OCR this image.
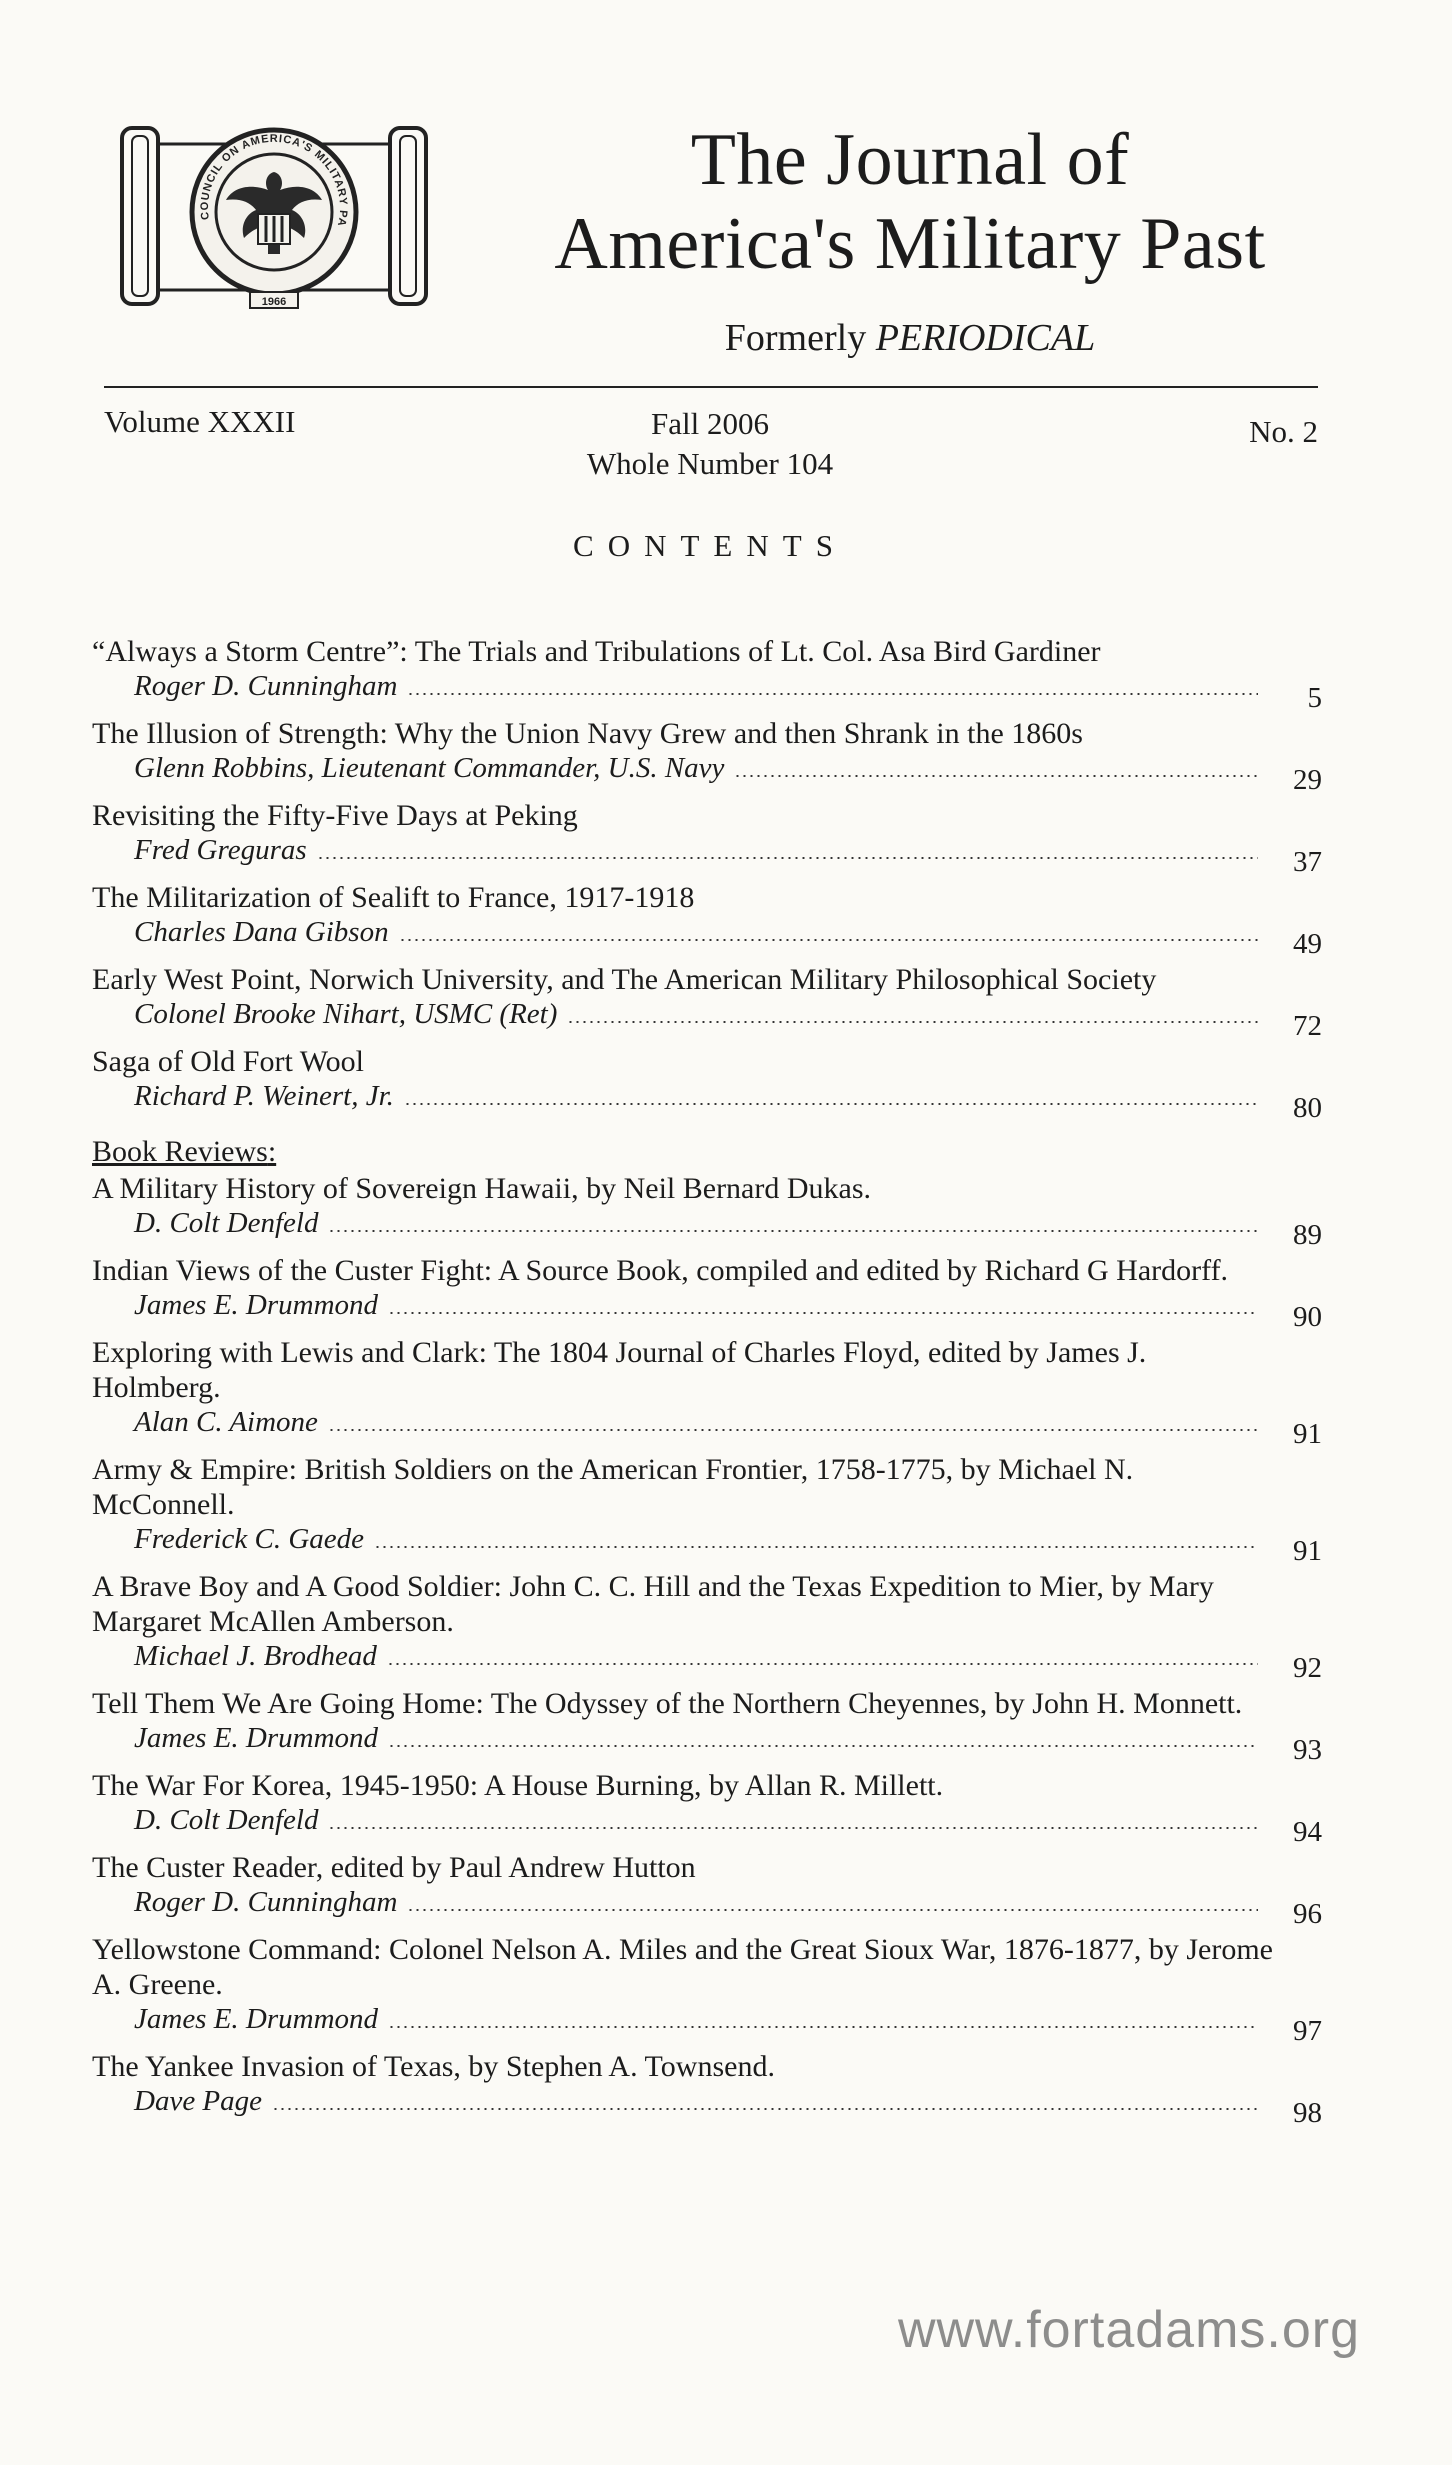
COUNCIL ON AMERICA'S MILITARY PA
1966
The Journal of
America's Military Past
Formerly PERIODICAL
Volume XXXII	Fall 2006
Whole Number 104
No. 2
CONTENTS
“Always a Storm Centre”: The Trials and Tribulations of Lt. Col. Asa Bird Gardiner
Roger D. Cunningham	5
The Illusion of Strength: Why the Union Navy Grew and then Shrank in the 1860s
Glenn Robbins, Lieutenant Commander, U.S. Navy	29
Revisiting the Fifty-Five Days at Peking
Fred Greguras	37
The Militarization of Sealift to France, 1917-1918
Charles Dana Gibson	49
Early West Point, Norwich University, and The American Military Philosophical Society
Colonel Brooke Nihart, USMC (Ret)	72
Saga of Old Fort Wool
Richard P. Weinert, Jr.	80
Book Reviews:
A Military History of Sovereign Hawaii, by Neil Bernard Dukas.
D. Colt Denfeld	89
Indian Views of the Custer Fight: A Source Book, compiled and edited by Richard G Hardorff.
James E. Drummond	90
Exploring with Lewis and Clark: The 1804 Journal of Charles Floyd, edited by James J. Holmberg.
Alan C. Aimone	91
Army & Empire: British Soldiers on the American Frontier, 1758-1775, by Michael N. McConnell.
Frederick C. Gaede	91
A Brave Boy and A Good Soldier: John C. C. Hill and the Texas Expedition to Mier, by Mary Margaret McAllen Amberson.
Michael J. Brodhead	92
Tell Them We Are Going Home: The Odyssey of the Northern Cheyennes, by John H. Monnett.
James E. Drummond	93
The War For Korea, 1945-1950: A House Burning, by Allan R. Millett.
D. Colt Denfeld	94
The Custer Reader, edited by Paul Andrew Hutton
Roger D. Cunningham	96
Yellowstone Command: Colonel Nelson A. Miles and the Great Sioux War, 1876-1877, by Jerome A. Greene.
James E. Drummond	97
The Yankee Invasion of Texas, by Stephen A. Townsend.
Dave Page	98
www.fortadams.org
